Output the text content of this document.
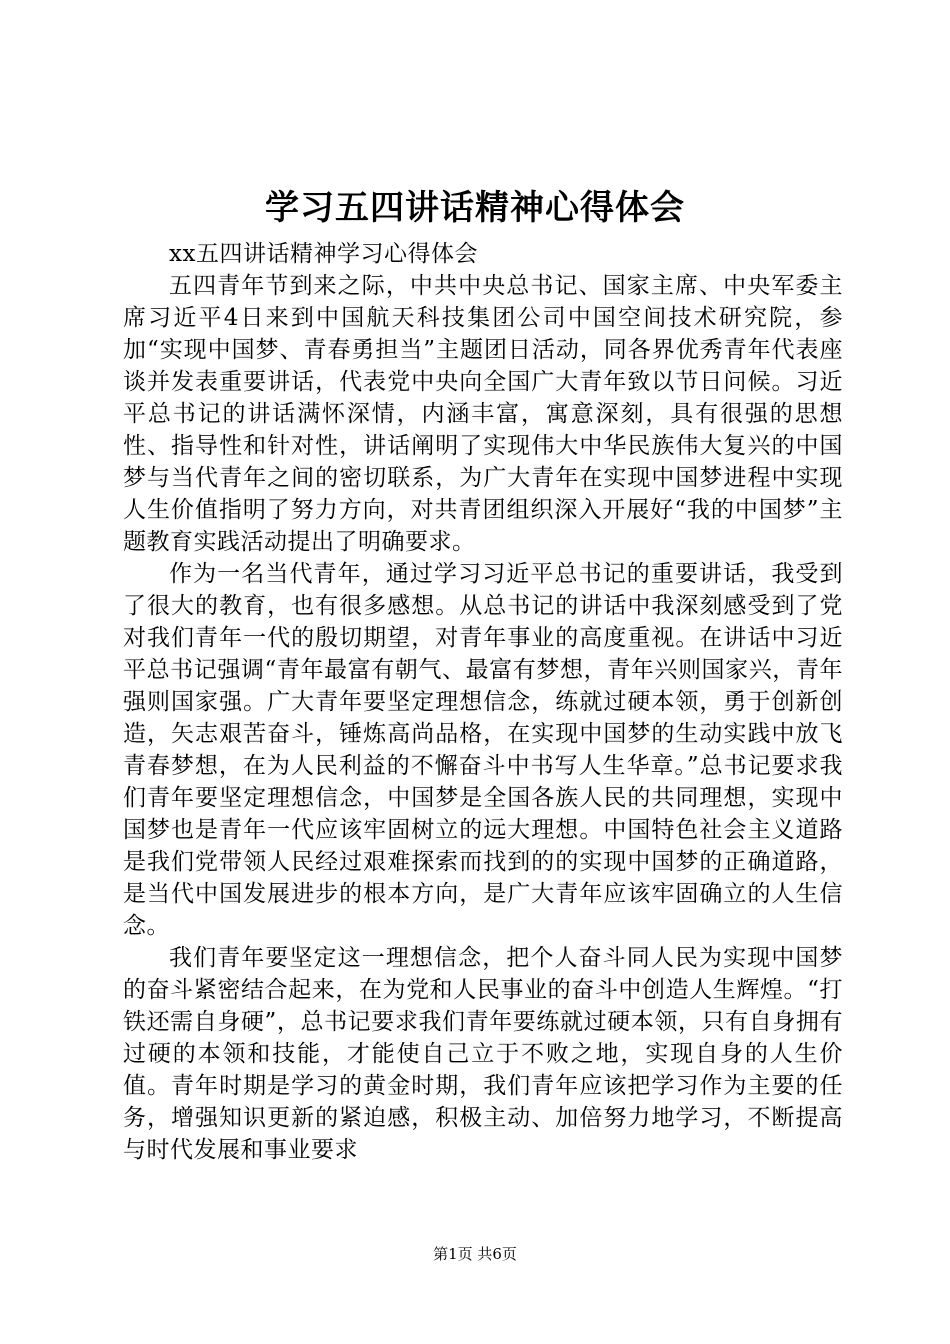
学习五四讲话精神心得体会

xx五四讲话精神学习心得体会

五四青年节到来之际，中共中央总书记、国家主席、中央军委主席习近平4日来到中国航天科技集团公司中国空间技术研究院，参加“实现中国梦、青春勇担当”主题团日活动，同各界优秀青年代表座谈并发表重要讲话，代表党中央向全国广大青年致以节日问候。习近平总书记的讲话满怀深情，内涵丰富，寓意深刻，具有很强的思想性、指导性和针对性，讲话阐明了实现伟大中华民族伟大复兴的中国梦与当代青年之间的密切联系，为广大青年在实现中国梦进程中实现人生价值指明了努力方向，对共青团组织深入开展好“我的中国梦”主题教育实践活动提出了明确要求。

作为一名当代青年，通过学习习近平总书记的重要讲话，我受到了很大的教育，也有很多感想。从总书记的讲话中我深刻感受到了党对我们青年一代的殷切期望，对青年事业的高度重视。在讲话中习近平总书记强调“青年最富有朝气、最富有梦想，青年兴则国家兴，青年强则国家强。广大青年要坚定理想信念，练就过硬本领，勇于创新创造，矢志艰苦奋斗，锤炼高尚品格，在实现中国梦的生动实践中放飞青春梦想，在为人民利益的不懈奋斗中书写人生华章。”总书记要求我们青年要坚定理想信念，中国梦是全国各族人民的共同理想，实现中国梦也是青年一代应该牢固树立的远大理想。中国特色社会主义道路是我们党带领人民经过艰难探索而找到的的实现中国梦的正确道路，是当代中国发展进步的根本方向，是广大青年应该牢固确立的人生信念。

我们青年要坚定这一理想信念，把个人奋斗同人民为实现中国梦的奋斗紧密结合起来，在为党和人民事业的奋斗中创造人生辉煌。“打铁还需自身硬”，总书记要求我们青年要练就过硬本领，只有自身拥有过硬的本领和技能，才能使自己立于不败之地，实现自身的人生价值。青年时期是学习的黄金时期，我们青年应该把学习作为主要的任务，增强知识更新的紧迫感，积极主动、加倍努力地学习，不断提高与时代发展和事业要求

第1页 共6页
